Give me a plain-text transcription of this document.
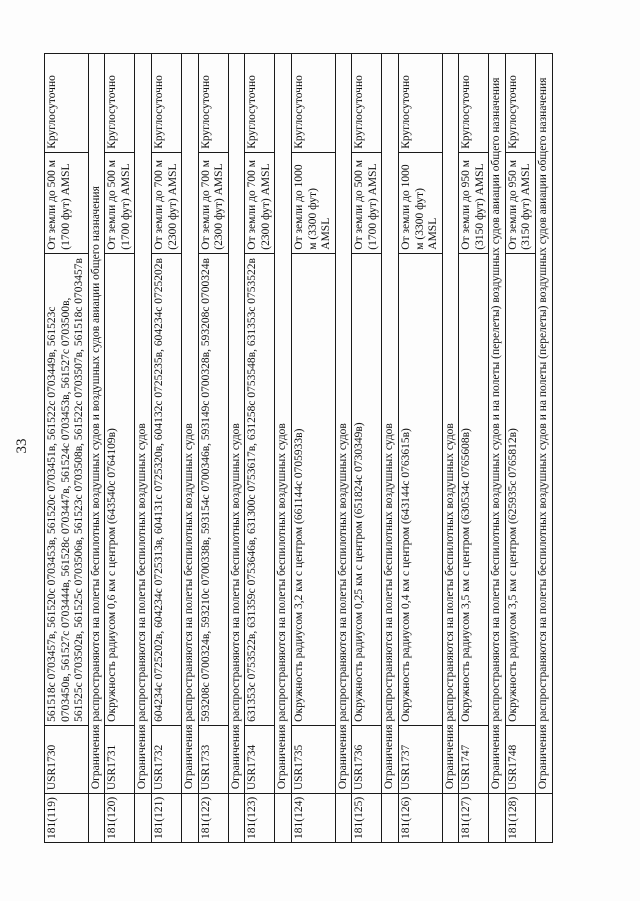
33
181(119)	USR1730	561518с 0703457в, 561520с 0703453в, 561520с 0703451в, 561522с 0703449в, 561523с 0703450в, 561527с 0703444в, 561528с 0703447в, 561524с 0703453в, 561527с 0703500в, 561525с 0703502в, 561525с 0703506в, 561523с 0703508в, 561522с 0703507в, 561518с 0703457в	От земли до 500 м (1700 фут) AMSL	Круглосуточно
	Ограничения распространяются на полеты беспилотных воздушных судов и воздушных судов авиации общего назначения			
181(120)	USR1731	Окружность радиусом 0,6 км с центром (643540с 0764109в)	От земли до 500 м (1700 фут) AMSL	Круглосуточно
	Ограничения распространяются на полеты беспилотных воздушных судов			
181(121)	USR1732	604234с 0725202в, 604234с 0725313в, 604131с 0725320в, 604132с 0725235в, 604234с 0725202в	От земли до 700 м (2300 фут) AMSL	Круглосуточно
	Ограничения распространяются на полеты беспилотных воздушных судов			
181(122)	USR1733	593208с 0700324в, 593210с 0700338в, 593154с 0700346в, 593149с 0700328в, 593208с 0700324в	От земли до 700 м (2300 фут) AMSL	Круглосуточно
	Ограничения распространяются на полеты беспилотных воздушных судов			
181(123)	USR1734	631353с 0753522в, 631359с 0753646в, 631300с 0753617в, 631258с 0753548в, 631353с 0753522в	От земли до 700 м (2300 фут) AMSL	Круглосуточно
	Ограничения распространяются на полеты беспилотных воздушных судов			
181(124)	USR1735	Окружность радиусом 3,2 км с центром (661144с 0705933в)	От земли до 1000 м (3300 фут) AMSL	Круглосуточно
	Ограничения распространяются на полеты беспилотных воздушных судов			
181(125)	USR1736	Окружность радиусом 0,25 км с центром (651824с 0730349в)	От земли до 500 м (1700 фут) AMSL	Круглосуточно
	Ограничения распространяются на полеты беспилотных воздушных судов			
181(126)	USR1737	Окружность радиусом 0,4 км с центром (643144с 0763615в)	От земли до 1000 м (3300 фут) AMSL	Круглосуточно
	Ограничения распространяются на полеты беспилотных воздушных судов			
181(127)	USR1747	Окружность радиусом 3,5 км с центром (630534с 0765608в)	От земли до 950 м (3150 фут) AMSL	Круглосуточно
	Ограничения распространяются на полеты беспилотных воздушных судов и на полеты (перелеты) воздушных судов авиации общего назначения			
181(128)	USR1748	Окружность радиусом 3,5 км с центром (625935с 0765812в)	От земли до 950 м (3150 фут) AMSL	Круглосуточно
	Ограничения распространяются на полеты беспилотных воздушных судов и на полеты (перелеты) воздушных судов авиации общего назначения			
